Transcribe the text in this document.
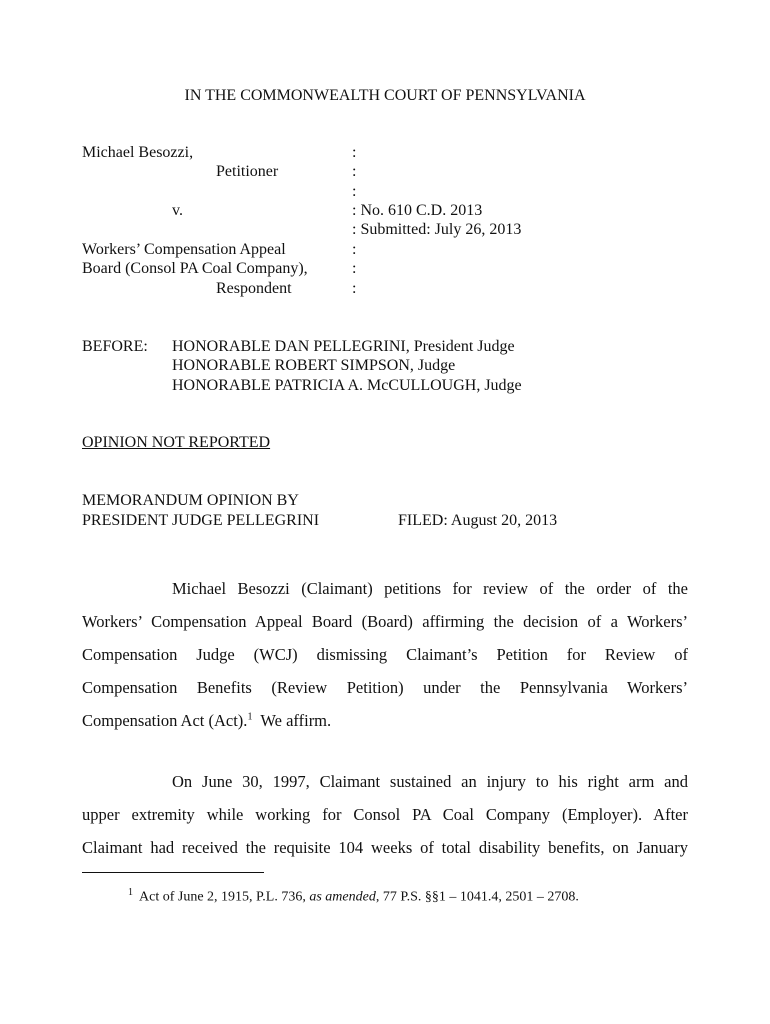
IN THE COMMONWEALTH COURT OF PENNSYLVANIA
Michael Besozzi,
Petitioner
v.
Workers’ Compensation Appeal
Board (Consol PA Coal Company),
Respondent
:
:
:
: No. 610 C.D. 2013
: Submitted: July 26, 2013
:
:
:
BEFORE: HONORABLE DAN PELLEGRINI, President Judge
HONORABLE ROBERT SIMPSON, Judge
HONORABLE PATRICIA A. McCULLOUGH, Judge
OPINION NOT REPORTED
MEMORANDUM OPINION BY
PRESIDENT JUDGE PELLEGRINI	FILED: August 20, 2013
Michael Besozzi (Claimant) petitions for review of the order of the
Workers’ Compensation Appeal Board (Board) affirming the decision of a Workers’
Compensation Judge (WCJ) dismissing Claimant’s Petition for Review of
Compensation Benefits (Review Petition) under the Pennsylvania Workers’
Compensation Act (Act).$^1$  We affirm.
On June 30, 1997, Claimant sustained an injury to his right arm and
upper extremity while working for Consol PA Coal Company (Employer). After
Claimant had received the requisite 104 weeks of total disability benefits, on January
$^1$ Act of June 2, 1915, P.L. 736, as amended, 77 P.S. §§1 – 1041.4, 2501 – 2708.
